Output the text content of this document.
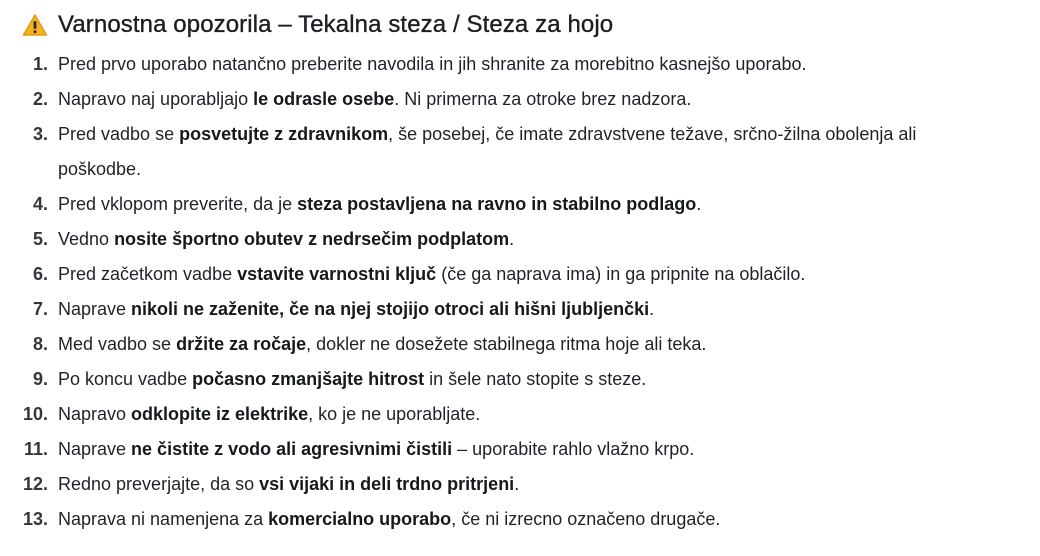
Varnostna opozorila – Tekalna steza / Steza za hojo
1. Pred prvo uporabo natančno preberite navodila in jih shranite za morebitno kasnejšo uporabo.
2. Napravo naj uporabljajo le odrasle osebe. Ni primerna za otroke brez nadzora.
3. Pred vadbo se posvetujte z zdravnikom, še posebej, če imate zdravstvene težave, srčno-žilna obolenja ali poškodbe.
4. Pred vklopom preverite, da je steza postavljena na ravno in stabilno podlago.
5. Vedno nosite športno obutev z nedrsečim podplatom.
6. Pred začetkom vadbe vstavite varnostni ključ (če ga naprava ima) in ga pripnite na oblačilo.
7. Naprave nikoli ne zaženite, če na njej stojijo otroci ali hišni ljubljenčki.
8. Med vadbo se držite za ročaje, dokler ne dosežete stabilnega ritma hoje ali teka.
9. Po koncu vadbe počasno zmanjšajte hitrost in šele nato stopite s steze.
10. Napravo odklopite iz elektrike, ko je ne uporabljate.
11. Naprave ne čistite z vodo ali agresivnimi čistili – uporabite rahlo vlažno krpo.
12. Redno preverjajte, da so vsi vijaki in deli trdno pritrjeni.
13. Naprava ni namenjena za komercialno uporabo, če ni izrecno označeno drugače.
